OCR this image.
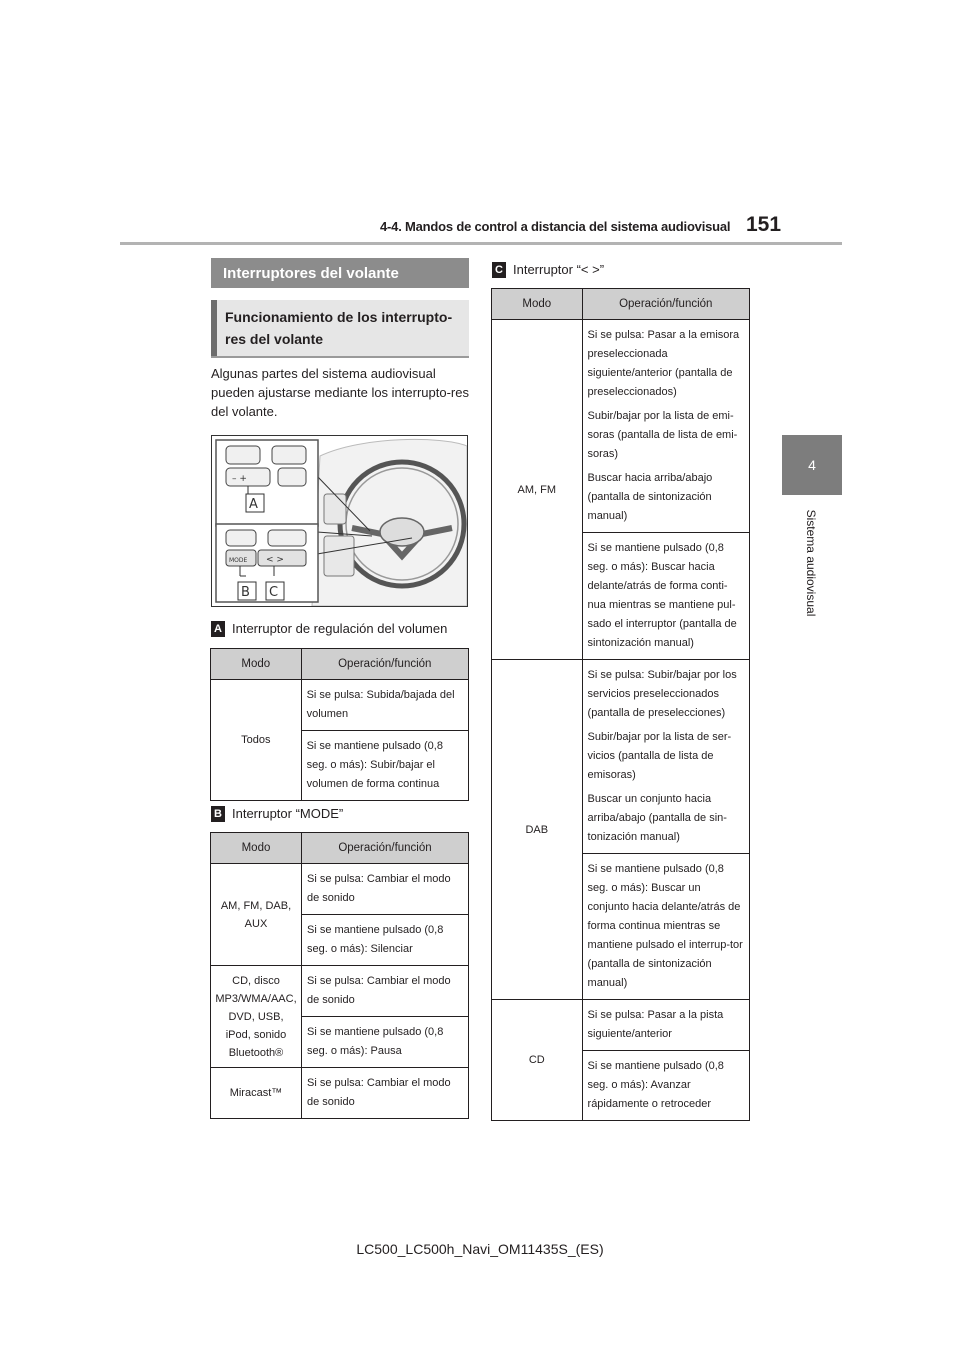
4-4. Mandos de control a distancia del sistema audiovisual 151
4
Sistema audiovisual
Interruptores del volante
Funcionamiento de los interrupto-res del volante
Algunas partes del sistema audiovisual pueden ajustarse mediante los interrupto-res del volante.
– +
A
MODE < >
B C
A Interruptor de regulación del volumen
Modo	Operación/función
Todos	Si se pulsa: Subida/bajada del volumen

	Si se mantiene pulsado (0,8 seg. o más): Subir/bajar el volumen de forma continua

B Interruptor “MODE”
Modo	Operación/función
AM, FM, DAB, AUX	Si se pulsa: Cambiar el modo de sonido

	Si se mantiene pulsado (0,8 seg. o más): Silenciar

CD, disco MP3/WMA/AAC, DVD, USB, iPod, sonido Bluetooth®	Si se pulsa: Cambiar el modo de sonido

	Si se mantiene pulsado (0,8 seg. o más): Pausa

Miracast™	Si se pulsa: Cambiar el modo de sonido

C Interruptor “< >”
Modo	Operación/función
AM, FM	Si se pulsa: Pasar a la emisora preseleccionada siguiente/anterior (pantalla de preseleccionados)

Subir/bajar por la lista de emi-soras (pantalla de lista de emi-soras)

Buscar hacia arriba/abajo (pantalla de sintonización manual)

	Si se mantiene pulsado (0,8 seg. o más): Buscar hacia delante/atrás de forma conti-nua mientras se mantiene pul-sado el interruptor (pantalla de sintonización manual)

DAB	Si se pulsa: Subir/bajar por los servicios preseleccionados (pantalla de preselecciones)

Subir/bajar por la lista de ser-vicios (pantalla de lista de emisoras)

Buscar un conjunto hacia arriba/abajo (pantalla de sin-tonización manual)

	Si se mantiene pulsado (0,8 seg. o más): Buscar un conjunto hacia delante/atrás de forma continua mientras se mantiene pulsado el interrup-tor (pantalla de sintonización manual)

CD	Si se pulsa: Pasar a la pista siguiente/anterior

	Si se mantiene pulsado (0,8 seg. o más): Avanzar rápidamente o retroceder

LC500_LC500h_Navi_OM11435S_(ES)
